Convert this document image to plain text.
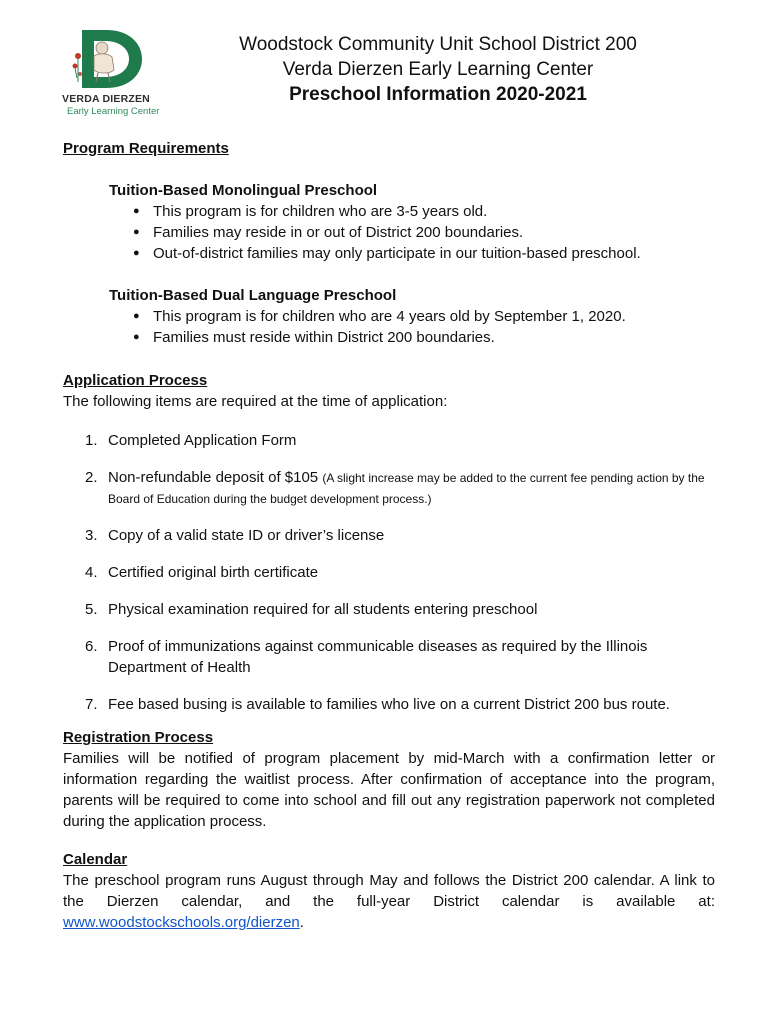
VERDA DIERZEN
Early Learning Center
Woodstock Community Unit School District 200
Verda Dierzen Early Learning Center
Preschool Information 2020-2021

Program Requirements

Tuition-Based Monolingual Preschool

● This program is for children who are 3-5 years old.
● Families may reside in or out of District 200 boundaries.
● Out-of-district families may only participate in our tuition-based preschool.

Tuition-Based Dual Language Preschool

● This program is for children who are 4 years old by September 1, 2020.
● Families must reside within District 200 boundaries.

Application Process

The following items are required at the time of application:

1. Completed Application Form
2. Non-refundable deposit of $105 (A slight increase may be added to the current fee pending action by the Board of Education during the budget development process.)
3. Copy of a valid state ID or driver’s license
4. Certified original birth certificate
5. Physical examination required for all students entering preschool
6. Proof of immunizations against communicable diseases as required by the Illinois Department of Health
7. Fee based busing is available to families who live on a current District 200 bus route.

Registration Process

Families will be notified of program placement by mid-March with a confirmation letter or information regarding the waitlist process. After confirmation of acceptance into the program, parents will be required to come into school and fill out any registration paperwork not completed during the application process.

Calendar

The preschool program runs August through May and follows the District 200 calendar. A link to the Dierzen calendar, and the full-year District calendar is available at: www.woodstockschools.org/dierzen.
